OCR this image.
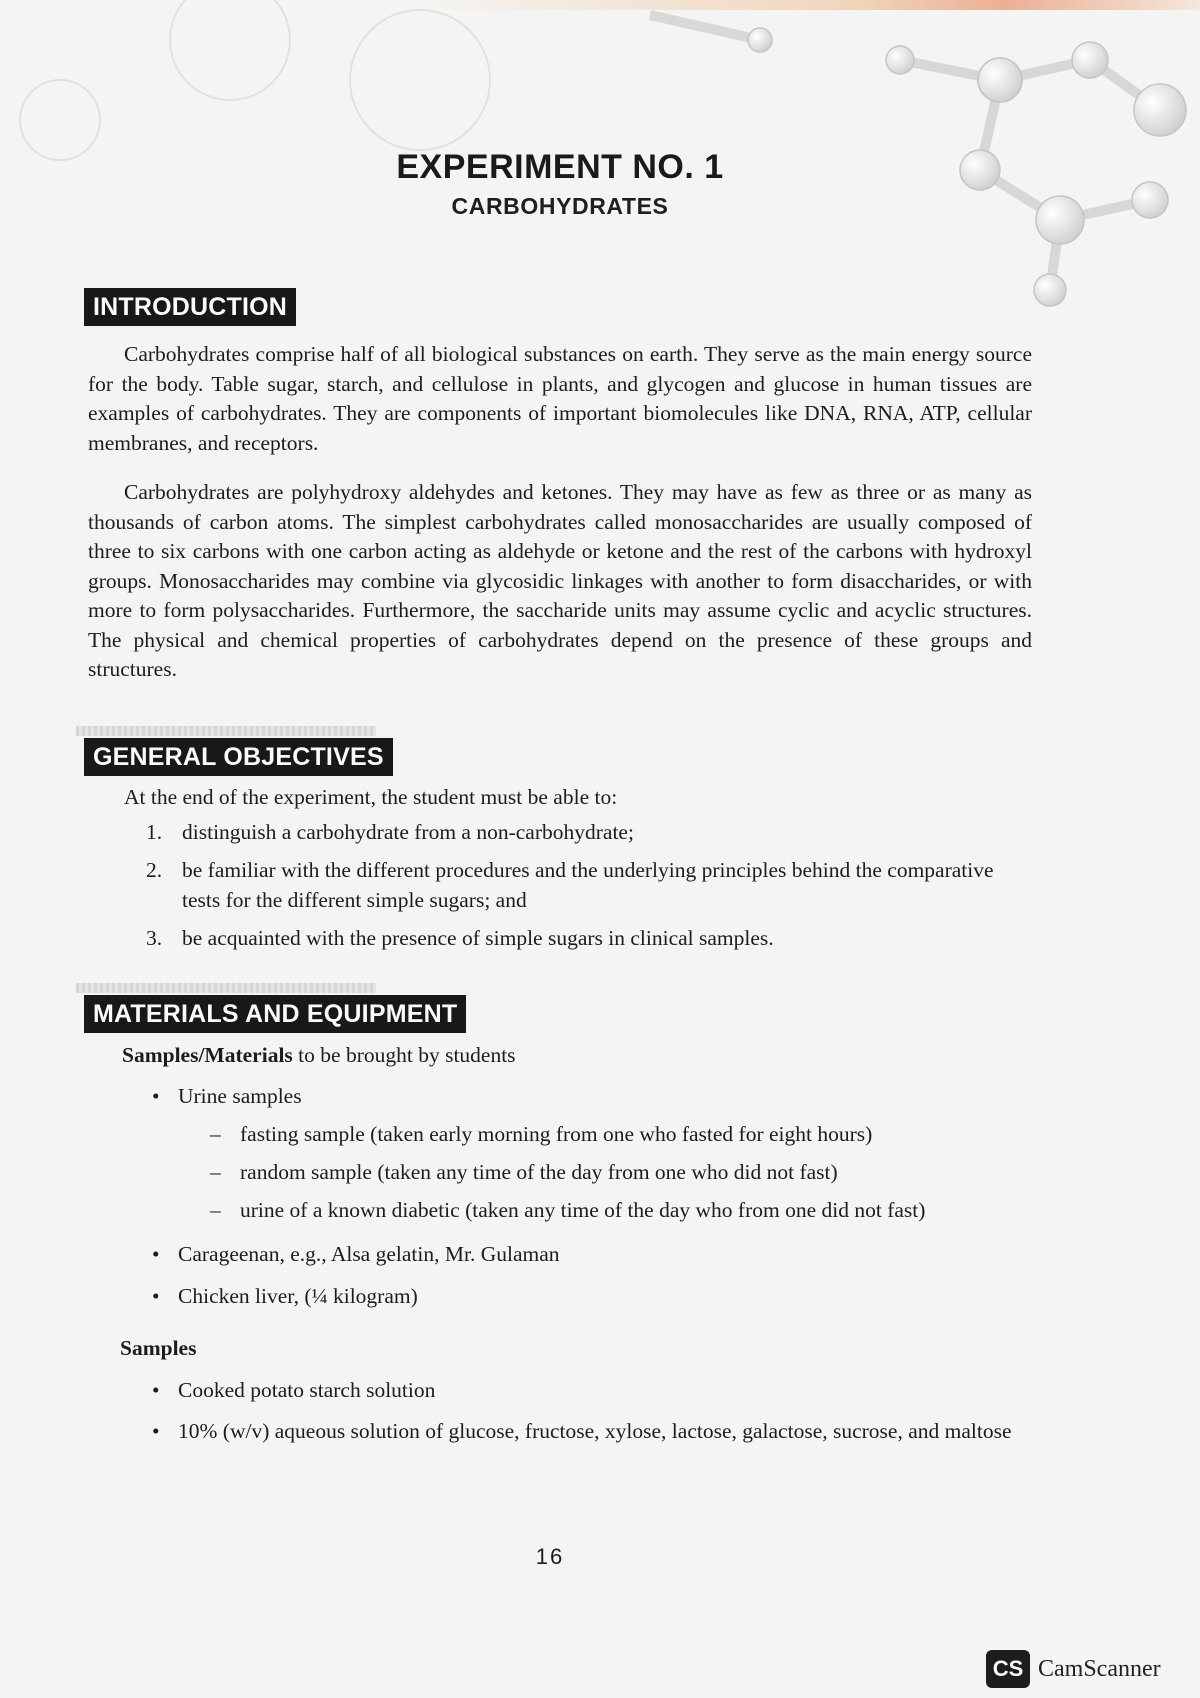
EXPERIMENT NO. 1
CARBOHYDRATES
INTRODUCTION

Carbohydrates comprise half of all biological substances on earth. They serve as the main energy source for the body. Table sugar, starch, and cellulose in plants, and glycogen and glucose in human tissues are examples of carbohydrates. They are components of important biomolecules like DNA, RNA, ATP, cellular membranes, and receptors.

Carbohydrates are polyhydroxy aldehydes and ketones. They may have as few as three or as many as thousands of carbon atoms. The simplest carbohydrates called monosaccharides are usually composed of three to six carbons with one carbon acting as aldehyde or ketone and the rest of the carbons with hydroxyl groups. Monosaccharides may combine via glycosidic linkages with another to form disaccharides, or with more to form polysaccharides. Furthermore, the saccharide units may assume cyclic and acyclic structures. The physical and chemical properties of carbohydrates depend on the presence of these groups and structures.

GENERAL OBJECTIVES

At the end of the experiment, the student must be able to:

1. distinguish a carbohydrate from a non-carbohydrate;
2. be familiar with the different procedures and the underlying principles behind the comparative tests for the different simple sugars; and
3. be acquainted with the presence of simple sugars in clinical samples.
MATERIALS AND EQUIPMENT
Samples/Materials to be brought by students
• Urine samples
– fasting sample (taken early morning from one who fasted for eight hours)
– random sample (taken any time of the day from one who did not fast)
– urine of a known diabetic (taken any time of the day who from one did not fast)
• Carageenan, e.g., Alsa gelatin, Mr. Gulaman
• Chicken liver, (¼ kilogram)
Samples
• Cooked potato starch solution
• 10% (w/v) aqueous solution of glucose, fructose, xylose, lactose, galactose, sucrose, and maltose
16
CS CamScanner
